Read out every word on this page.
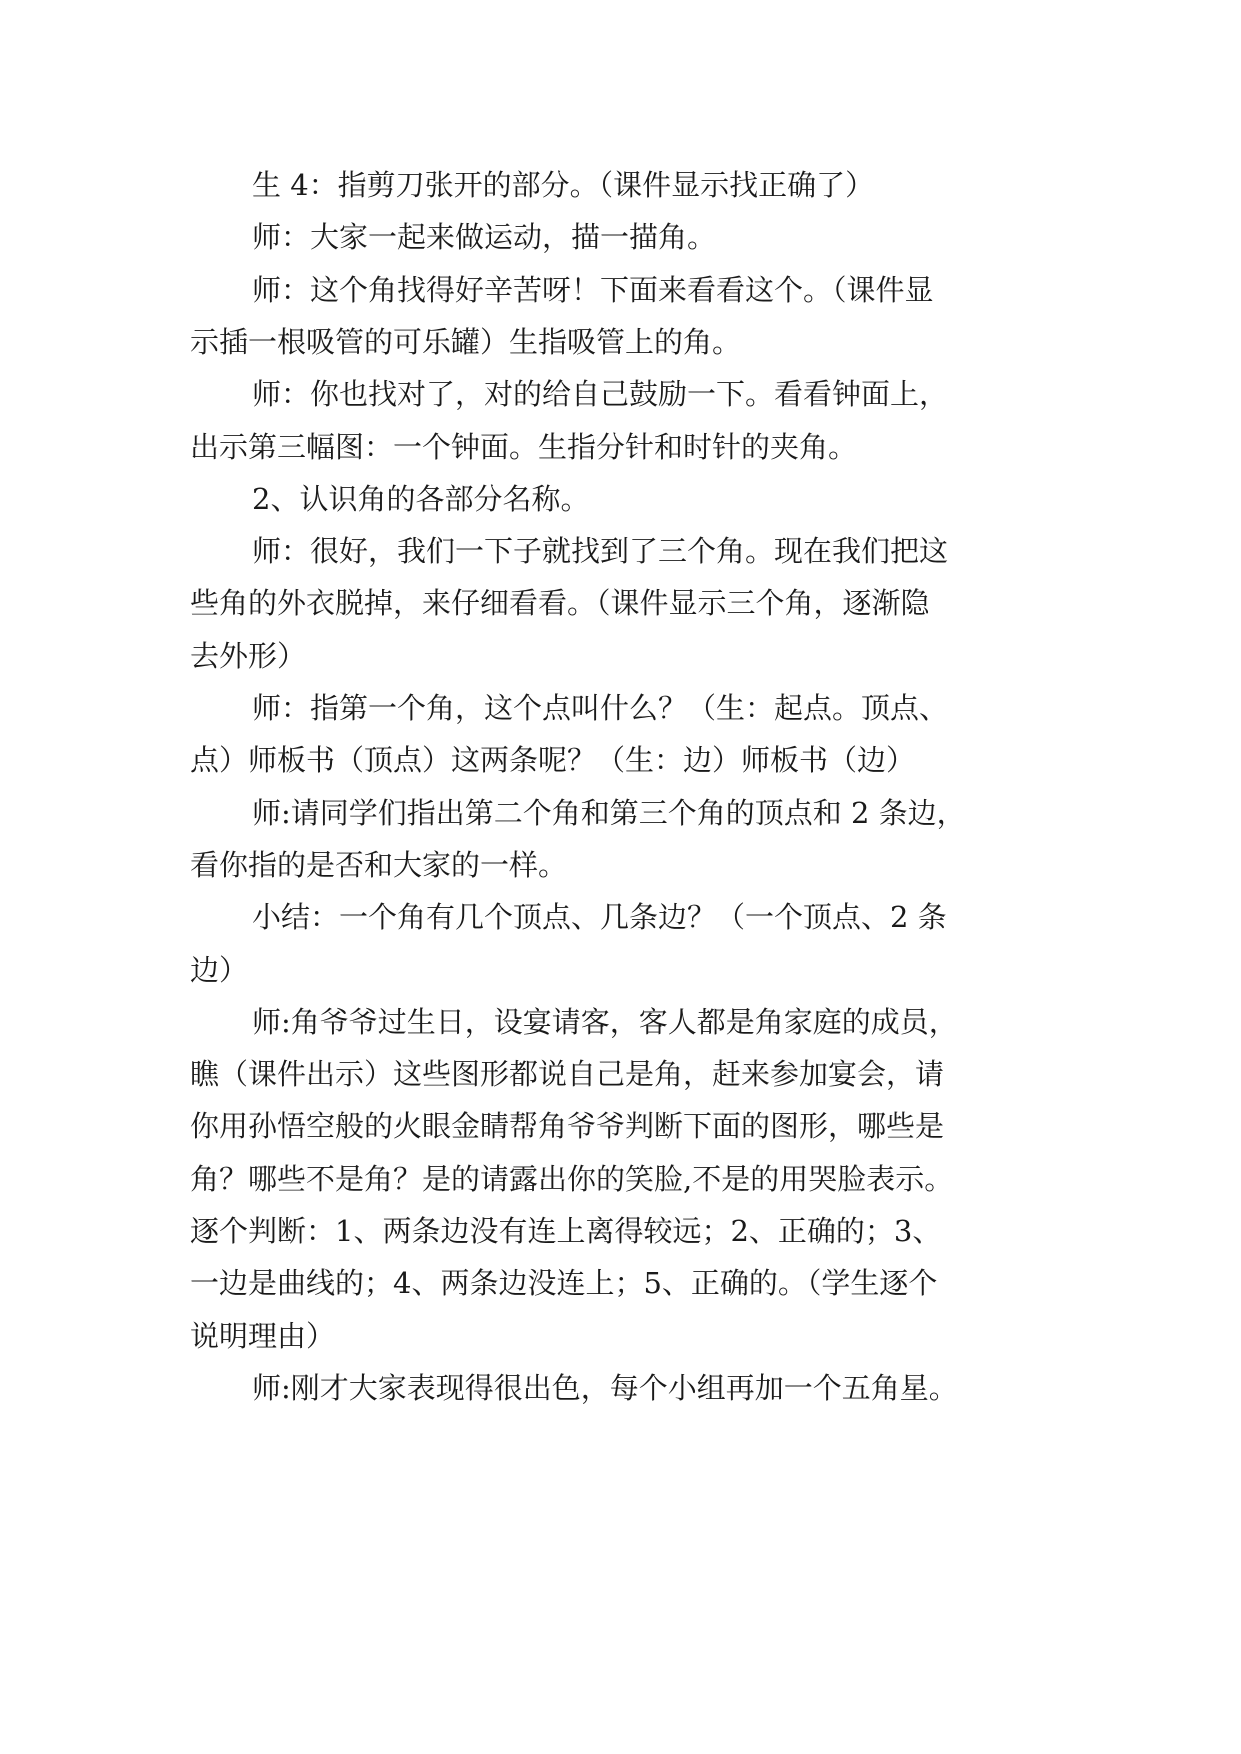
生 4：指剪刀张开的部分。（课件显示找正确了）
师：大家一起来做运动，描一描角。
师：这个角找得好辛苦呀！下面来看看这个。（课件显
示插一根吸管的可乐罐）生指吸管上的角。
师：你也找对了，对的给自己鼓励一下。看看钟面上，
出示第三幅图：一个钟面。生指分针和时针的夹角。
2、认识角的各部分名称。
师：很好，我们一下子就找到了三个角。现在我们把这
些角的外衣脱掉，来仔细看看。（课件显示三个角，逐渐隐
去外形）
师：指第一个角，这个点叫什么？（生：起点。顶点、
点）师板书（顶点）这两条呢？（生：边）师板书（边）
师:请同学们指出第二个角和第三个角的顶点和 2 条边，
看你指的是否和大家的一样。
小结：一个角有几个顶点、几条边？（一个顶点、2 条
边）
师:角爷爷过生日，设宴请客，客人都是角家庭的成员，
瞧（课件出示）这些图形都说自己是角，赶来参加宴会，请
你用孙悟空般的火眼金睛帮角爷爷判断下面的图形，哪些是
角？哪些不是角？是的请露出你的笑脸,不是的用哭脸表示。
逐个判断：1、两条边没有连上离得较远；2、正确的；3、
一边是曲线的；4、两条边没连上；5、正确的。（学生逐个
说明理由）
师:刚才大家表现得很出色，每个小组再加一个五角星。
